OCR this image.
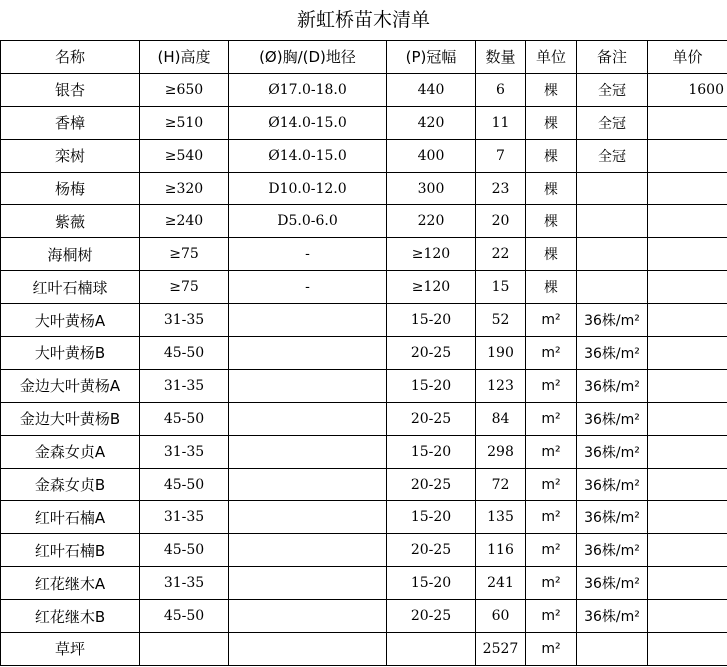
新虹桥苗木清单
名称	(H)高度	(Ø)胸/(D)地径	(P)冠幅	数量	单位	备注	单价
银杏	≥650	Ø17.0-18.0	440	6	棵	全冠	1600
香樟	≥510	Ø14.0-15.0	420	11	棵	全冠	
栾树	≥540	Ø14.0-15.0	400	7	棵	全冠	
杨梅	≥320	D10.0-12.0	300	23	棵		
紫薇	≥240	D5.0-6.0	220	20	棵		
海桐树	≥75	-	≥120	22	棵		
红叶石楠球	≥75	-	≥120	15	棵		
大叶黄杨A	31-35		15-20	52	m²	36株/m²	
大叶黄杨B	45-50		20-25	190	m²	36株/m²	
金边大叶黄杨A	31-35		15-20	123	m²	36株/m²	
金边大叶黄杨B	45-50		20-25	84	m²	36株/m²	
金森女贞A	31-35		15-20	298	m²	36株/m²	
金森女贞B	45-50		20-25	72	m²	36株/m²	
红叶石楠A	31-35		15-20	135	m²	36株/m²	
红叶石楠B	45-50		20-25	116	m²	36株/m²	
红花继木A	31-35		15-20	241	m²	36株/m²	
红花继木B	45-50		20-25	60	m²	36株/m²	
草坪				2527	m²		
